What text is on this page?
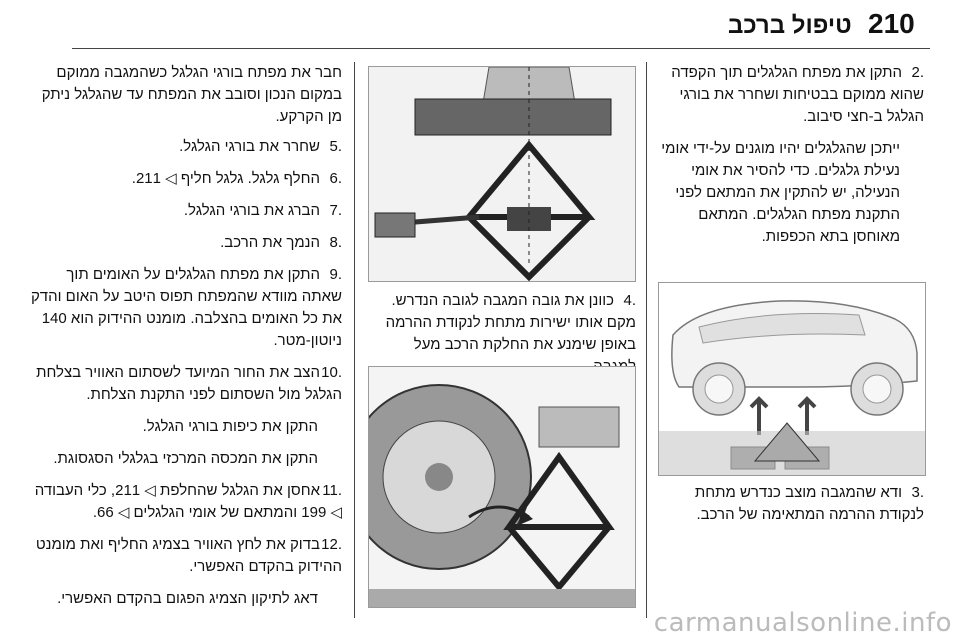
210
טיפול ברכב
.2התקן את מפתח הגלגלים תוך הקפדה שהוא ממוקם בבטיחות ושחרר את בורגי הגלגל ב-חצי סיבוב.
ייתכן שהגלגלים יהיו מוגנים על-ידי אומי נעילת גלגלים. כדי להסיר את אומי הנעילה, יש להתקין את המתאם לפני התקנת מפתח הגלגלים. המתאם מאוחסן בתא הכפפות.
.3ודא שהמגבה מוצב כנדרש מתחת לנקודת ההרמה המתאימה של הרכב.
.4כוונן את גובה המגבה לגובה הנדרש. מקם אותו ישירות מתחת לנקודת ההרמה באופן שימנע את החלקת הרכב מעל
חבר את מפתח בורגי הגלגל כשהמגבה ממוקם במקום הנכון וסובב את המפתח עד שהגלגל ניתק מן הקרקע.
.5שחרר את בורגי הגלגל.
.6החלף גלגל. גלגל חליף ◁ 211.
.7הברג את בורגי הגלגל.
.8הנמך את הרכב.
.9התקן את מפתח הגלגלים על האומים תוך שאתה מוודא שהמפתח תפוס היטב על האום והדק את כל האומים בהצלבה. מומנט ההידוק הוא 140 ניוטון-מטר.
.10הצב את החור המיועד לשסתום האוויר בצלחת הגלגל מול השסתום לפני התקנת הצלחת.
התקן את כיפות בורגי הגלגל.
התקן את המכסה המרכזי בגלגלי הסגסוגת.
.11אחסן את הגלגל שהחלפת ◁ 211, כלי העבודה ◁ 199 והמתאם של אומי הגלגלים ◁ 66.
.12בדוק את לחץ האוויר בצמיג החליף ואת מומנט ההידוק בהקדם האפשרי.
דאג לתיקון הצמיג הפגום בהקדם האפשרי.
carmanualsonline.info
